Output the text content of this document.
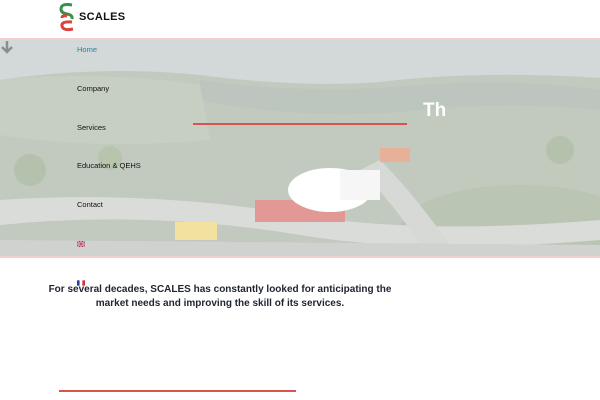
SCALES
Th
Home
Company
Services
Education & QEHS
Contact
For several decades, SCALES has constantly looked for anticipating the
market needs and improving the skill of its services.
